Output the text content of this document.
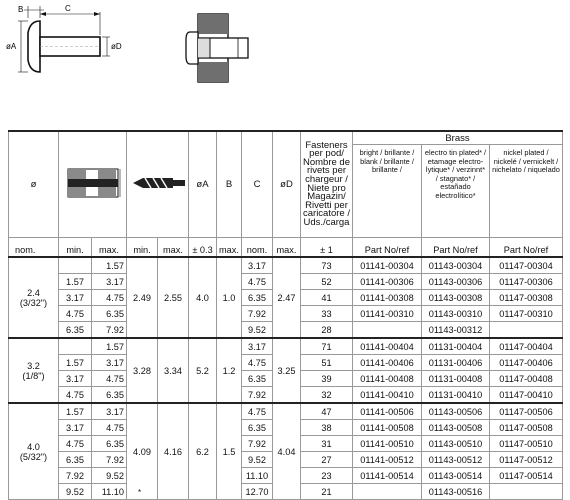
B	C
øA	øD
ø					øA	B	C	øD	Fasteners per pod/ Nombre de rivets per chargeur / Niete pro Magazin/ Rivetti per caricatore / Uds./carga	Brass		
										bright / brillante / blank / brillante / brillante /	electro tin plated* / etamage electro-lytique* / verzinnt* / stagnato* / estañado electrolítico*	nickel plated / nickelé / vernickelt / nichelato / niquelado

nom.	min.	max.	min.	max.	± 0.3	max.	nom.	max.	± 1	Part No/ref	Part No/ref	Part No/ref

2.4
(3/32")		1.57	2.49	2.55	4.0	1.0	3.17	2.47	73	01141-00304	01143-00304	01147-00304
	1.57	3.17					4.75		52	01141-00306	01143-00306	01147-00306
	3.17	4.75					6.35		41	01141-00308	01143-00308	01147-00308
	4.75	6.35					7.92		33	01141-00310	01143-00310	01147-00310
	6.35	7.92					9.52		28		01143-00312	
3.2
(1/8")		1.57	3.28	3.34	5.2	1.2	3.17	3.25	71	01141-00404	01131-00404	01147-00404
	1.57	3.17					4.75		51	01141-00406	01131-00406	01147-00406
	3.17	4.75					6.35		39	01141-00408	01131-00408	01147-00408
	4.75	6.35					7.92		32	01141-00410	01131-00410	01147-00410
4.0
(5/32")	1.57	3.17	4.09	4.16	6.2	1.5	4.75	4.04	47	01141-00506	01143-00506	01147-00506
	3.17	4.75					6.35		38	01141-00508	01143-00508	01147-00508
	4.75	6.35					7.92		31	01141-00510	01143-00510	01147-00510
	6.35	7.92					9.52		27	01141-00512	01143-00512	01147-00512
	7.92	9.52					11.10		23	01141-00514	01143-00514	01147-00514
	9.52	11.10					12.70		21		01143-00516	
*
